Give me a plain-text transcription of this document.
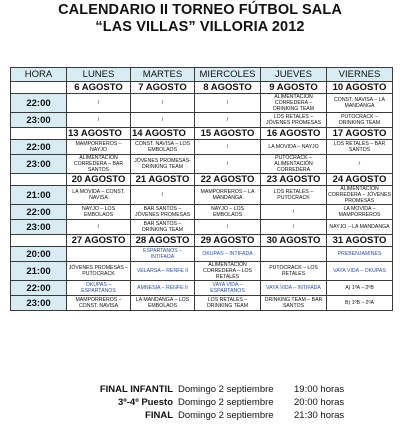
CALENDARIO II TORNEO FÚTBOL SALA
“LAS VILLAS” VILLORIA 2012
HORA	LUNES	MARTES	MIERCOLES	JUEVES	VIERNES
	6 AGOSTO	7 AGOSTO	8 AGOSTO	9 AGOSTO	10 AGOSTO
22:00	/	/	/	ALIMENTACIÓN CORREDERA – DRINKING TEAM	CONST. NAVISA – LA MANDANGA
23:00	/	/	/	LOS RETALES – JÓVENES PROMESAS	PUTOCRACK – DRINKING TEAM
	13 AGOSTO	14 AGOSTO	15 AGOSTO	16 AGOSTO	17 AGOSTO
22:00	MAMPORREROS – NAYJO	CONST. NAVISA – LOS EMBOLAOS	/	LA MOVIDA – NAYJO	LOS RETALES – BAR SANTOS
23:00	ALIMENTACIÓN CORREDERA – BAR SANTOS	JÓVENES PROMESAS-DRINKING TEAM	/	PUTOCRACK – ALIMENTACIÓN CORREDERA	/
	20 AGOSTO	21 AGOSTO	22 AGOSTO	23 AGOSTO	24 AGOSTO
21:00	LA MOVIDA – CONST. NAVISA	/	MAMPORREROS – LA MANDANGA	LOS RETALES – PUTOCRACK	ALIMENTACIÓN CORREDERA – JÓVENES PROMESAS
22:00	NAYJO – LOS EMBOLAOS	BAR SANTOS – JÓVENES PROMESAS	NAYJO – LOS EMBOLAOS	/	LA MOVIDA – MAMPORREROS
23:00	/	BAR SANTOS – DRINKING TEAM	/	/	NAYJO – LA MANDANGA
	27 AGOSTO	28 AGOSTO	29 AGOSTO	30 AGOSTO	31 AGOSTO
20:00		ESPARTANOS – INTIFADA	OKUPAS – INTIFADA		PREBENJAMINES
21:00	JÓVENES PROMESAS – PUTOCRACK	VELARSA – RENFE II	ALIMENTACIÓN CORREDERA – LOS RETALES	PUTOCRACK – LOS RETALES	VAYA VIDA – OKUPAS
22:00	OKUPAS – ESPARTANOS	AMNESIA – RENFE II	VAYA VIDA – ESPARTANOS	VAYA VIDA – INTIFADA	A) 1ºA – 2ºB
23:00	MAMPORREROS – CONST. NAVISA	LA MANDANGA – LOS EMBOLAOS	LOS RETALES – DRINKING TEAM	DRINKING TEAM – BAR SANTOS	B) 1ºB – 2ºA
FINAL INFANTIL Domingo 2 septiembre 19:00 horas
3º-4º Puesto Domingo 2 septiembre 20:00 horas
FINAL Domingo 2 septiembre 21:30 horas
